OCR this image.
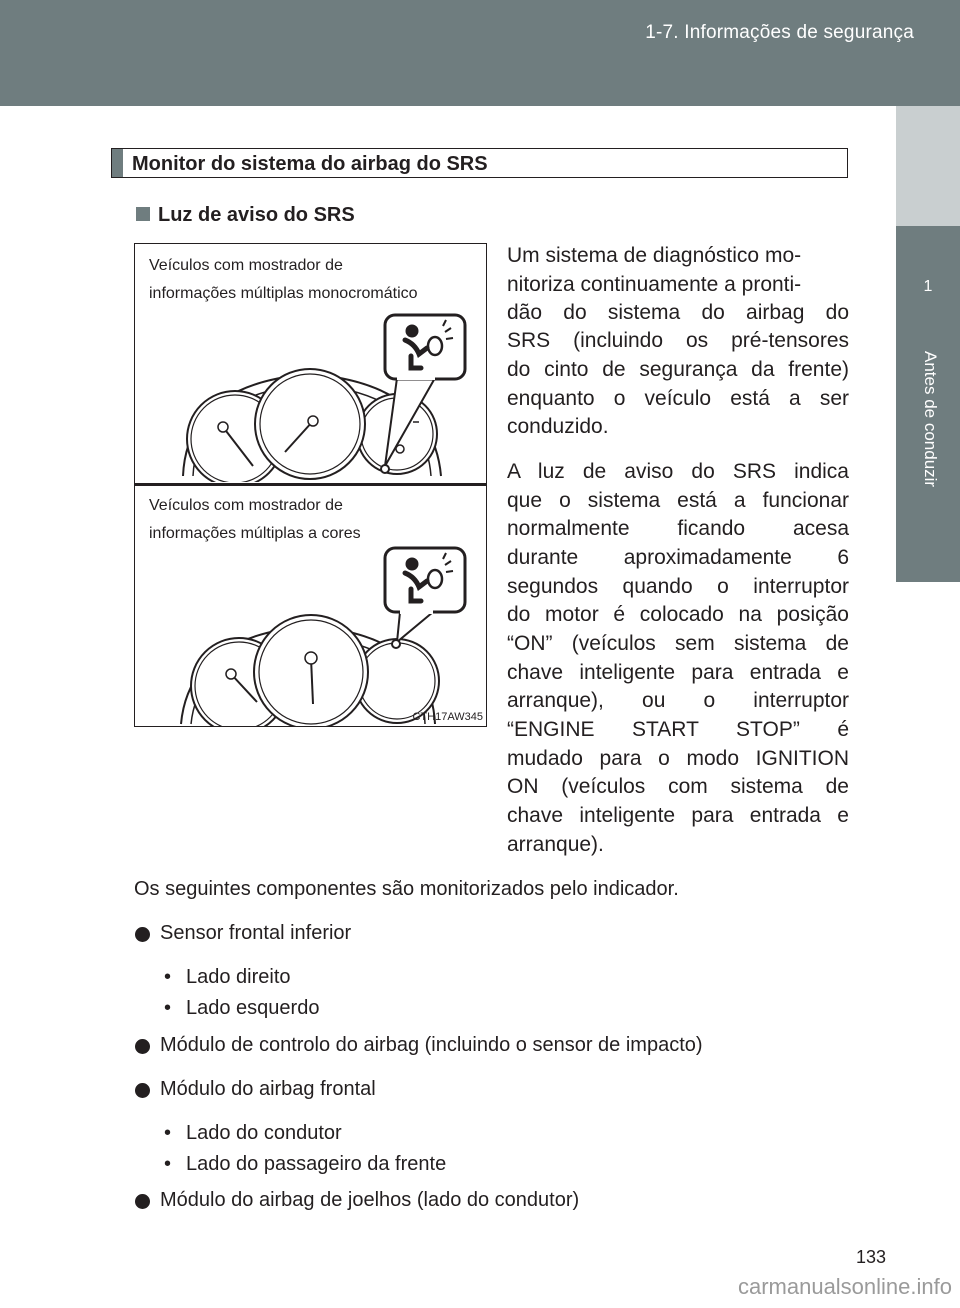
1-7. Informações de segurança
1
Antes de conduzir
Monitor do sistema do airbag do SRS
Luz de aviso do SRS
Veículos com mostrador de
informações múltiplas monocromático
Veículos com mostrador de
informações múltiplas a cores
CTH17AW345

Um sistema de diagnóstico mo-

nitoriza continuamente a pronti-

dão do sistema do airbag do

SRS (incluindo os pré-tensores

do cinto de segurança da frente)

enquanto o veículo está a ser

conduzido.

A luz de aviso do SRS indica

que o sistema está a funcionar

normalmente ficando acesa

durante aproximadamente 6

segundos quando o interruptor

do motor é colocado na posição

“ON” (veículos sem sistema de

chave inteligente para entrada e

arranque), ou o interruptor

“ENGINE START STOP” é

mudado para o modo IGNITION

ON (veículos com sistema de

chave inteligente para entrada e

arranque).

Os seguintes componentes são monitorizados pelo indicador.

Sensor frontal inferior
• Lado direito
• Lado esquerdo
Módulo de controlo do airbag (incluindo o sensor de impacto)
Módulo do airbag frontal
• Lado do condutor
• Lado do passageiro da frente
Módulo do airbag de joelhos (lado do condutor)
133
carmanualsonline.info
